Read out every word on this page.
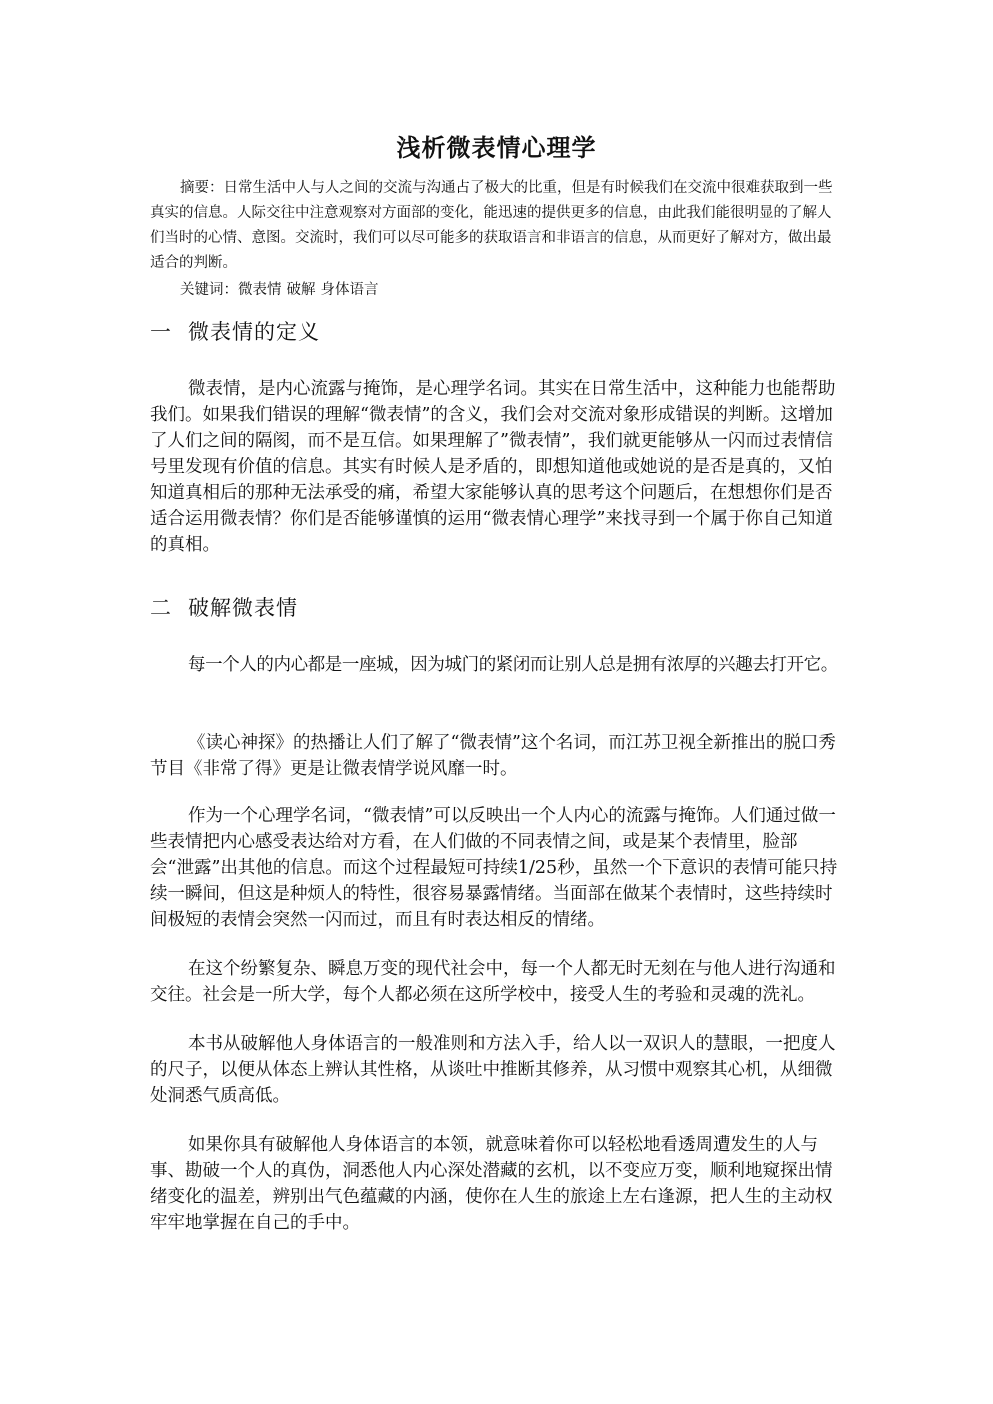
浅析微表情心理学

摘要：日常生活中人与人之间的交流与沟通占了极大的比重，但是有时候我们在交流中很难获取到一些真实的信息。人际交往中注意观察对方面部的变化，能迅速的提供更多的信息，由此我们能很明显的了解人们当时的心情、意图。交流时，我们可以尽可能多的获取语言和非语言的信息，从而更好了解对方，做出最适合的判断。

关键词：微表情 破解 身体语言

一 微表情的定义

微表情，是内心流露与掩饰，是心理学名词。其实在日常生活中，这种能力也能帮助我们。如果我们错误的理解“微表情”的含义，我们会对交流对象形成错误的判断。这增加了人们之间的隔阂，而不是互信。如果理解了”微表情”，我们就更能够从一闪而过表情信号里发现有价值的信息。其实有时候人是矛盾的，即想知道他或她说的是否是真的，又怕知道真相后的那种无法承受的痛，希望大家能够认真的思考这个问题后，在想想你们是否适合运用微表情？你们是否能够谨慎的运用“微表情心理学”来找寻到一个属于你自己知道的真相。

二 破解微表情

每一个人的内心都是一座城，因为城门的紧闭而让别人总是拥有浓厚的兴趣去打开它。

《读心神探》的热播让人们了解了“微表情”这个名词，而江苏卫视全新推出的脱口秀节目《非常了得》更是让微表情学说风靡一时。

作为一个心理学名词，“微表情”可以反映出一个人内心的流露与掩饰。人们通过做一些表情把内心感受表达给对方看，在人们做的不同表情之间，或是某个表情里，脸部会“泄露”出其他的信息。而这个过程最短可持续1/25秒，虽然一个下意识的表情可能只持续一瞬间，但这是种烦人的特性，很容易暴露情绪。当面部在做某个表情时，这些持续时间极短的表情会突然一闪而过，而且有时表达相反的情绪。

在这个纷繁复杂、瞬息万变的现代社会中，每一个人都无时无刻在与他人进行沟通和交往。社会是一所大学，每个人都必须在这所学校中，接受人生的考验和灵魂的洗礼。

本书从破解他人身体语言的一般准则和方法入手，给人以一双识人的慧眼，一把度人的尺子，以便从体态上辨认其性格，从谈吐中推断其修养，从习惯中观察其心机，从细微处洞悉气质高低。

如果你具有破解他人身体语言的本领，就意味着你可以轻松地看透周遭发生的人与事、勘破一个人的真伪，洞悉他人内心深处潜藏的玄机，以不变应万变，顺利地窥探出情绪变化的温差，辨别出气色蕴藏的内涵，使你在人生的旅途上左右逢源，把人生的主动权牢牢地掌握在自己的手中。
